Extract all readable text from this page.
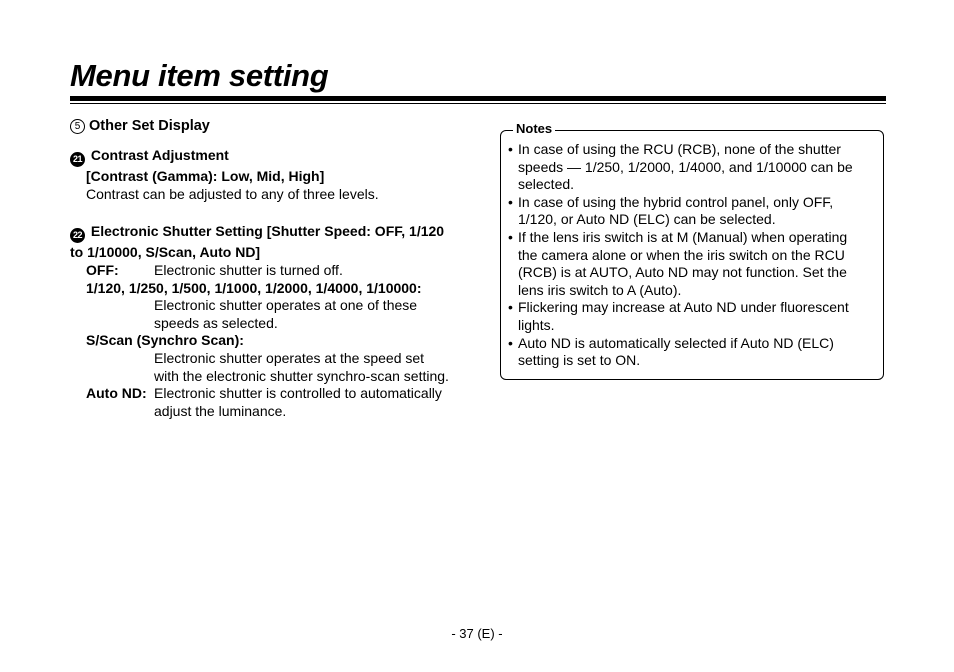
Menu item setting
5 Other Set Display
21 Contrast Adjustment
[Contrast (Gamma): Low, Mid, High]
Contrast can be adjusted to any of three levels.
22 Electronic Shutter Setting [Shutter Speed: OFF, 1/120
to 1/10000, S/Scan, Auto ND]
OFF:	Electronic shutter is turned off.
1/120, 1/250, 1/500, 1/1000, 1/2000, 1/4000, 1/10000:
Electronic shutter operates at one of these
speeds as selected.
S/Scan (Synchro Scan):
Electronic shutter operates at the speed set
with the electronic shutter synchro-scan setting.
Auto ND: Electronic shutter is controlled to automatically
adjust the luminance.
Notes
• In case of using the RCU (RCB), none of the shutter
speeds — 1/250, 1/2000, 1/4000, and 1/10000 can be
selected.
• In case of using the hybrid control panel, only OFF,
1/120, or Auto ND (ELC) can be selected.
• If the lens iris switch is at M (Manual) when operating
the camera alone or when the iris switch on the RCU
(RCB) is at AUTO, Auto ND may not function. Set the
lens iris switch to A (Auto).
• Flickering may increase at Auto ND under fluorescent
lights.
• Auto ND is automatically selected if Auto ND (ELC)
setting is set to ON.
- 37 (E) -
